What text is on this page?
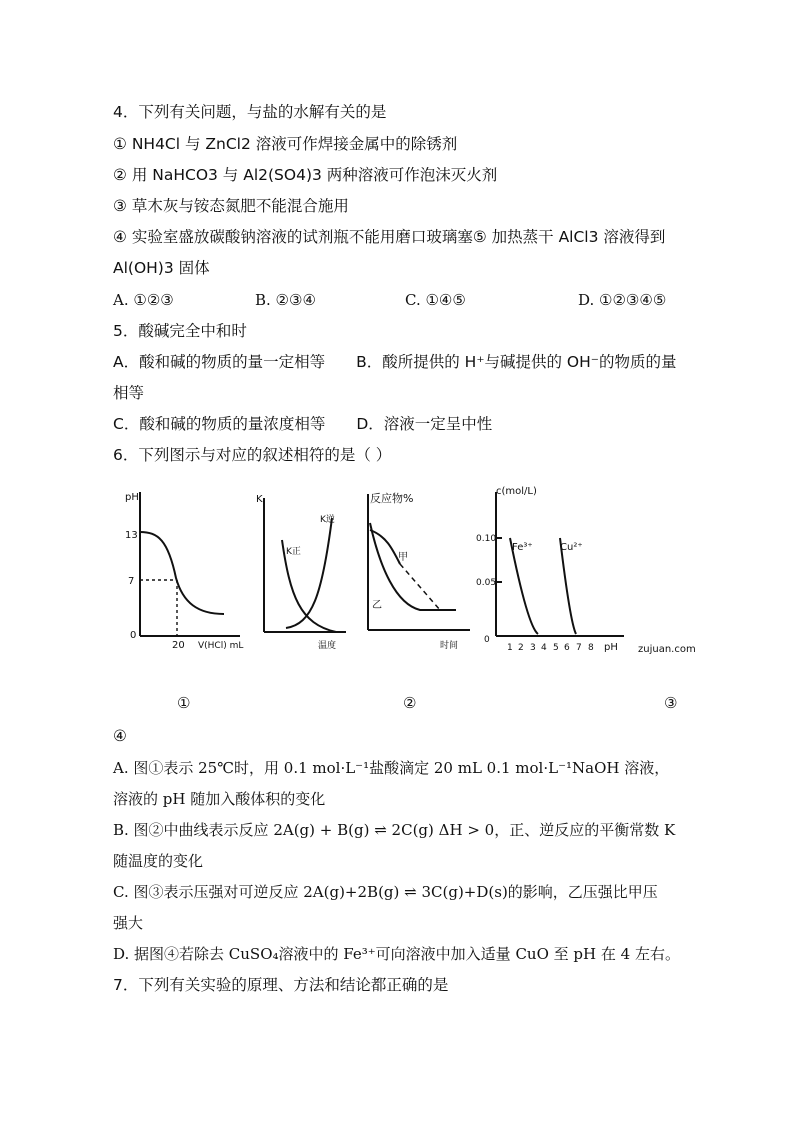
4．下列有关问题，与盐的水解有关的是
① NH4Cl 与 ZnCl2 溶液可作焊接金属中的除锈剂
② 用 NaHCO3 与 Al2(SO4)3 两种溶液可作泡沫灭火剂
③ 草木灰与铵态氮肥不能混合施用
④ 实验室盛放碳酸钠溶液的试剂瓶不能用磨口玻璃塞⑤ 加热蒸干 AlCl3 溶液得到
Al(OH)3 固体
A. ①②③	B. ②③④	C. ①④⑤	D. ①②③④⑤
5．酸碱完全中和时
A．酸和碱的物质的量一定相等　　B．酸所提供的 H⁺与碱提供的 OH⁻的物质的量
相等
C．酸和碱的物质的量浓度相等　　D．溶液一定呈中性
6．下列图示与对应的叙述相符的是（ ）
pH
13
7
0
20 V(HCl) mL
K
K正
K逆
温度
反应物%
甲
乙
时间
c(mol/L)
0.10
0.05
0
Fe³⁺	Cu²⁺
1 2 3 4 5 6 7 8 pH zujuan.com
①	②	③
④
A. 图①表示 25℃时，用 0.1 mol·L⁻¹盐酸滴定 20 mL 0.1 mol·L⁻¹NaOH 溶液，
溶液的 pH 随加入酸体积的变化
B. 图②中曲线表示反应 2A(g) + B(g) ⇌ 2C(g) ΔH > 0，正、逆反应的平衡常数 K
随温度的变化
C. 图③表示压强对可逆反应 2A(g)+2B(g) ⇌ 3C(g)+D(s)的影响，乙压强比甲压
强大
D. 据图④若除去 CuSO₄溶液中的 Fe³⁺可向溶液中加入适量 CuO 至 pH 在 4 左右。
7．下列有关实验的原理、方法和结论都正确的是
